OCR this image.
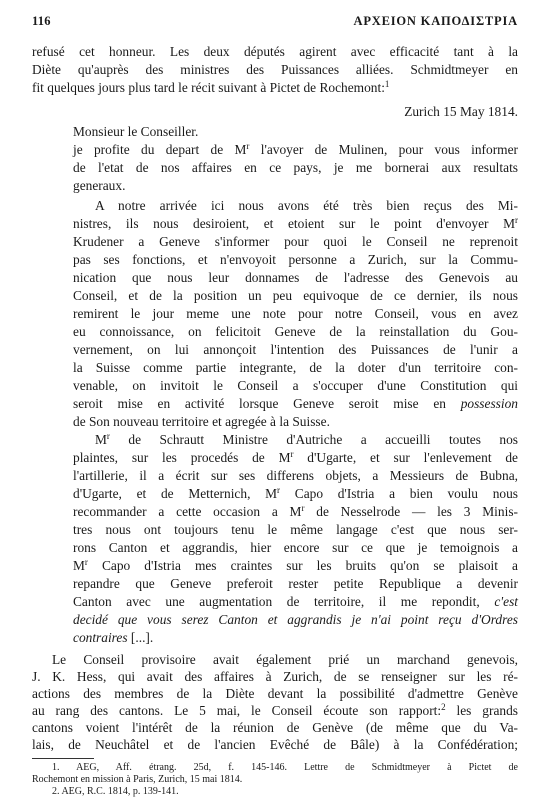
116	ΑΡΧΕΙΟΝ ΚΑΠΟΔΙΣΤΡΙΑ
refusé cet honneur. Les deux députés agirent avec efficacité tant à la
Diète qu'auprès des ministres des Puissances alliées. Schmidtmeyer en
fit quelques jours plus tard le récit suivant à Pictet de Rochemont:$^1$
Zurich 15 May 1814.
Monsieur le Conseiller.
je profite du depart de $M^r$ l'avoyer de Mulinen, pour vous informer
de l'etat de nos affaires en ce pays, je me bornerai aux resultats
generaux.
A notre arrivée ici nous avons été très bien reçus des Mi-
nistres, ils nous desiroient, et etoient sur le point d'envoyer $M^r$
Krudener a Geneve s'informer pour quoi le Conseil ne reprenoit
pas ses fonctions, et n'envoyoit personne a Zurich, sur la Commu-
nication que nous leur donnames de l'adresse des Genevois au
Conseil, et de la position un peu equivoque de ce dernier, ils nous
remirent le jour meme une note pour notre Conseil, vous en avez
eu connoissance, on felicitoit Geneve de la reinstallation du Gou-
vernement, on lui annonçoit l'intention des Puissances de l'unir a
la Suisse comme partie integrante, de la doter d'un territoire con-
venable, on invitoit le Conseil a s'occuper d'une Constitution qui
seroit mise en activité lorsque Geneve seroit mise en possession
de Son nouveau territoire et agregée à la Suisse.
$M^r$ de Schrautt Ministre d'Autriche a accueilli toutes nos
plaintes, sur les procedés de $M^r$ d'Ugarte, et sur l'enlevement de
l'artillerie, il a écrit sur ses differens objets, a Messieurs de Bubna,
d'Ugarte, et de Metternich, $M^r$ Capo d'Istria a bien voulu nous
recommander a cette occasion a $M^r$ de Nesselrode — les 3 Minis-
tres nous ont toujours tenu le même langage c'est que nous ser-
rons Canton et aggrandis, hier encore sur ce que je temoignois a
$M^r$ Capo d'Istria mes craintes sur les bruits qu'on se plaisoit a
repandre que Geneve preferoit rester petite Republique a devenir
Canton avec une augmentation de territoire, il me repondit, c'est
decidé que vous serez Canton et aggrandis je n'ai point reçu d'Ordres
contraires [...].
Le Conseil provisoire avait également prié un marchand genevois,
J. K. Hess, qui avait des affaires à Zurich, de se renseigner sur les ré-
actions des membres de la Diète devant la possibilité d'admettre Genève
au rang des cantons. Le 5 mai, le Conseil écoute son rapport:$^2$ les grands
cantons voient l'intérêt de la réunion de Genève (de même que du Va-
lais, de Neuchâtel et de l'ancien Evêché de Bâle) à la Confédération;
1. AEG, Aff. étrang. 25d, f. 145-146. Lettre de Schmidtmeyer à Pictet de
Rochemont en mission à Paris, Zurich, 15 mai 1814.
2. AEG, R.C. 1814, p. 139-141.
